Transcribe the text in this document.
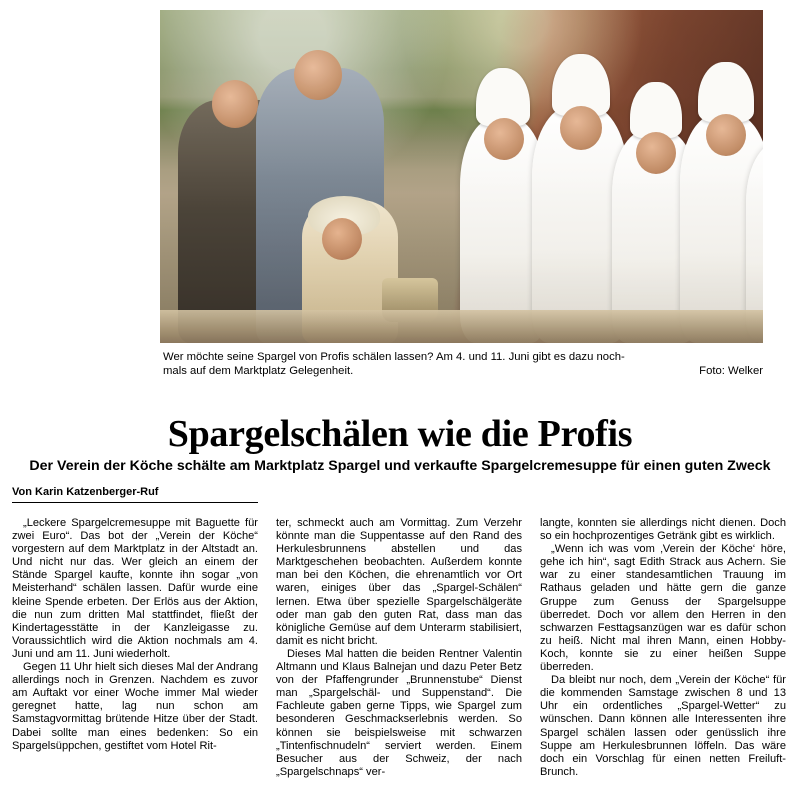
Wer möchte seine Spargel von Profis schälen lassen? Am 4. und 11. Juni gibt es dazu noch-
mals auf dem Marktplatz Gelegenheit.	Foto: Welker
Spargelschälen wie die Profis
Der Verein der Köche schälte am Marktplatz Spargel und verkaufte Spargelcremesuppe für einen guten Zweck
Von Karin Katzenberger-Ruf

„Leckere Spargelcremesuppe mit Baguette für zwei Euro“. Das bot der „Verein der Köche“ vorgestern auf dem Marktplatz in der Altstadt an. Und nicht nur das. Wer gleich an einem der Stände Spargel kaufte, konnte ihn sogar „von Meisterhand“ schälen lassen. Dafür wurde eine kleine Spende erbeten. Der Erlös aus der Aktion, die nun zum dritten Mal stattfindet, fließt der Kindertagesstätte in der Kanzleigasse zu. Voraussichtlich wird die Aktion nochmals am 4. Juni und am 11. Juni wiederholt.

Gegen 11 Uhr hielt sich dieses Mal der Andrang allerdings noch in Grenzen. Nachdem es zuvor am Auftakt vor einer Woche immer Mal wieder geregnet hatte, lag nun schon am Samstagvormittag brütende Hitze über der Stadt. Dabei sollte man eines bedenken: So ein Spargelsüppchen, gestiftet vom Hotel Rit-

ter, schmeckt auch am Vormittag. Zum Verzehr könnte man die Suppentasse auf den Rand des Herkulesbrunnens abstellen und das Marktgeschehen beobachten. Außerdem konnte man bei den Köchen, die ehrenamtlich vor Ort waren, einiges über das „Spargel-Schälen“ lernen. Etwa über spezielle Spargelschälgeräte oder man gab den guten Rat, dass man das königliche Gemüse auf dem Unterarm stabilisiert, damit es nicht bricht.

Dieses Mal hatten die beiden Rentner Valentin Altmann und Klaus Balnejan und dazu Peter Betz von der Pfaffengrunder „Brunnenstube“ Dienst man „Spargelschäl- und Suppenstand“. Die Fachleute gaben gerne Tipps, wie Spargel zum besonderen Geschmackserlebnis werden. So können sie beispielsweise mit schwarzen „Tintenfischnudeln“ serviert werden. Einem Besucher aus der Schweiz, der nach „Spargelschnaps“ ver-

langte, konnten sie allerdings nicht dienen. Doch so ein hochprozentiges Getränk gibt es wirklich.

„Wenn ich was vom ‚Verein der Köche‘ höre, gehe ich hin“, sagt Edith Strack aus Achern. Sie war zu einer standesamtlichen Trauung im Rathaus geladen und hätte gern die ganze Gruppe zum Genuss der Spargelsuppe überredet. Doch vor allem den Herren in den schwarzen Festtagsanzügen war es dafür schon zu heiß. Nicht mal ihren Mann, einen Hobby-Koch, konnte sie zu einer heißen Suppe überreden.

Da bleibt nur noch, dem „Verein der Köche“ für die kommenden Samstage zwischen 8 und 13 Uhr ein ordentliches „Spargel-Wetter“ zu wünschen. Dann können alle Interessenten ihre Spargel schälen lassen oder genüsslich ihre Suppe am Herkulesbrunnen löffeln. Das wäre doch ein Vorschlag für einen netten Freiluft-Brunch.
